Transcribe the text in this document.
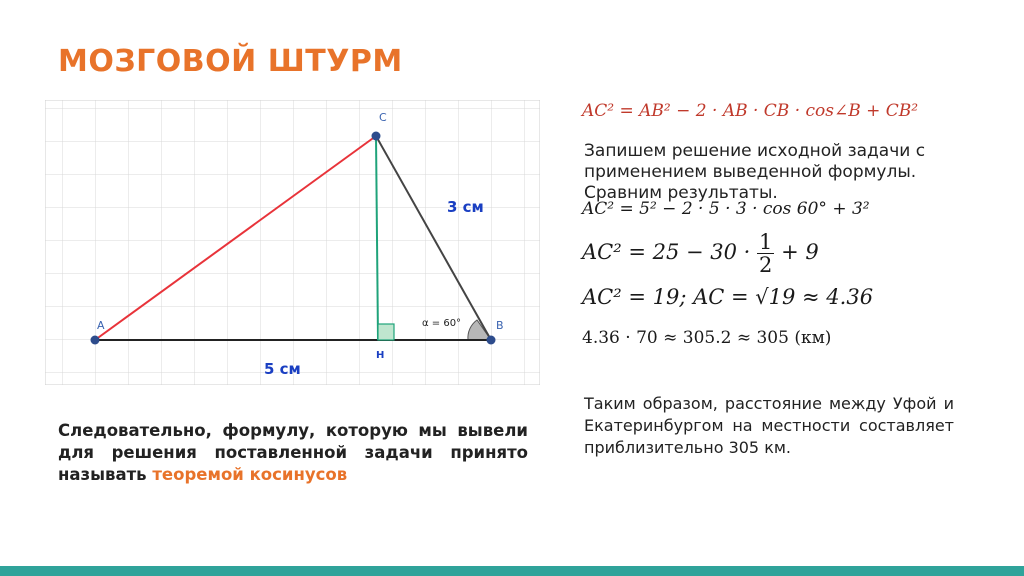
МОЗГОВОЙ ШТУРМ
A	B
C
H
3 см
5 см
α = 60°
AC² = AB² − 2 · AB · CB · cos∠B + CB²

Запишем решение исходной задачи с применением выведенной формулы. Сравним результаты.

AC² = 5² − 2 · 5 · 3 · cos 60° + 3²
$AC^2 = 25 - 30 \cdot \frac{1}{2} + 9$
AC² = 19; AC = √19 ≈ 4.36
4.36 · 70 ≈ 305.2 ≈ 305 (км)

Таким образом, расстояние между Уфой и Екатеринбургом на местности составляет приблизительно 305 км.

Следовательно, формулу, которую мы вывели для решения поставленной задачи принято называть теоремой косинусов
